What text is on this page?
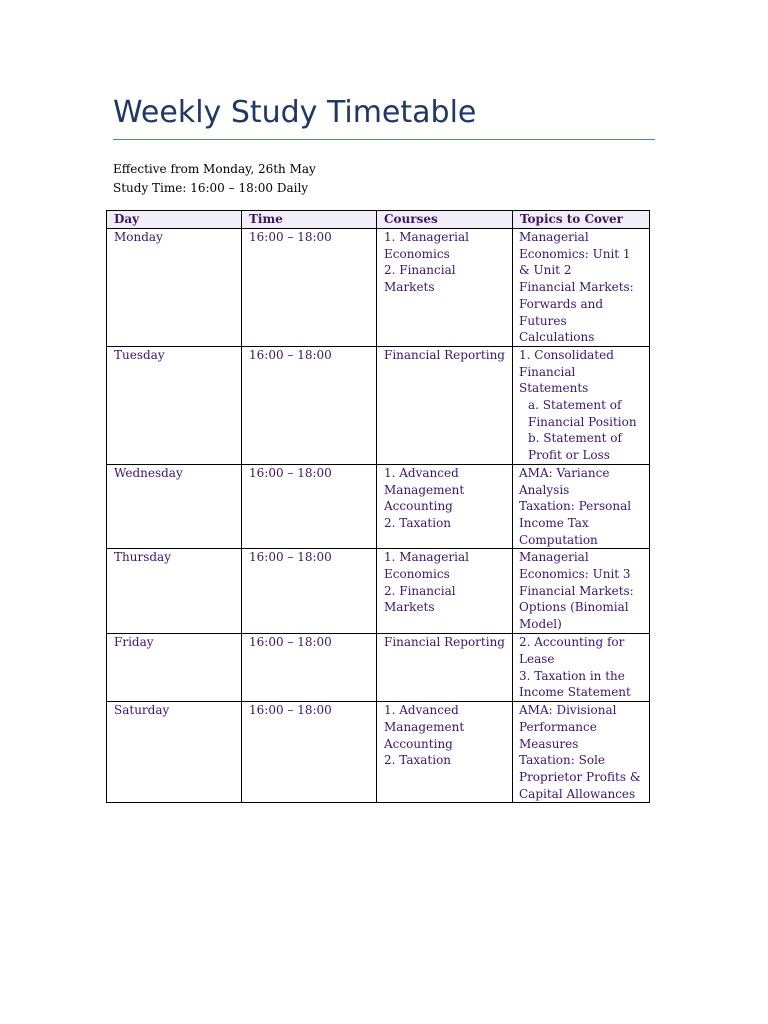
Weekly Study Timetable
Effective from Monday, 26th May
Study Time: 16:00 – 18:00 Daily
Day	Time	Courses	Topics to Cover
Monday	16:00 – 18:00	1. Managerial Economics
2. Financial Markets	Managerial Economics: Unit 1 & Unit 2
Financial Markets: Forwards and Futures Calculations

Tuesday	16:00 – 18:00	Financial Reporting	1. Consolidated Financial Statements
a. Statement of Financial Position
b. Statement of Profit or Loss

Wednesday	16:00 – 18:00	1. Advanced Management Accounting
2. Taxation	AMA: Variance Analysis
Taxation: Personal Income Tax Computation

Thursday	16:00 – 18:00	1. Managerial Economics
2. Financial Markets	Managerial Economics: Unit 3
Financial Markets: Options (Binomial Model)

Friday	16:00 – 18:00	Financial Reporting	2. Accounting for Lease
3. Taxation in the Income Statement

Saturday	16:00 – 18:00	1. Advanced Management Accounting
2. Taxation	AMA: Divisional Performance Measures
Taxation: Sole Proprietor Profits & Capital Allowances
